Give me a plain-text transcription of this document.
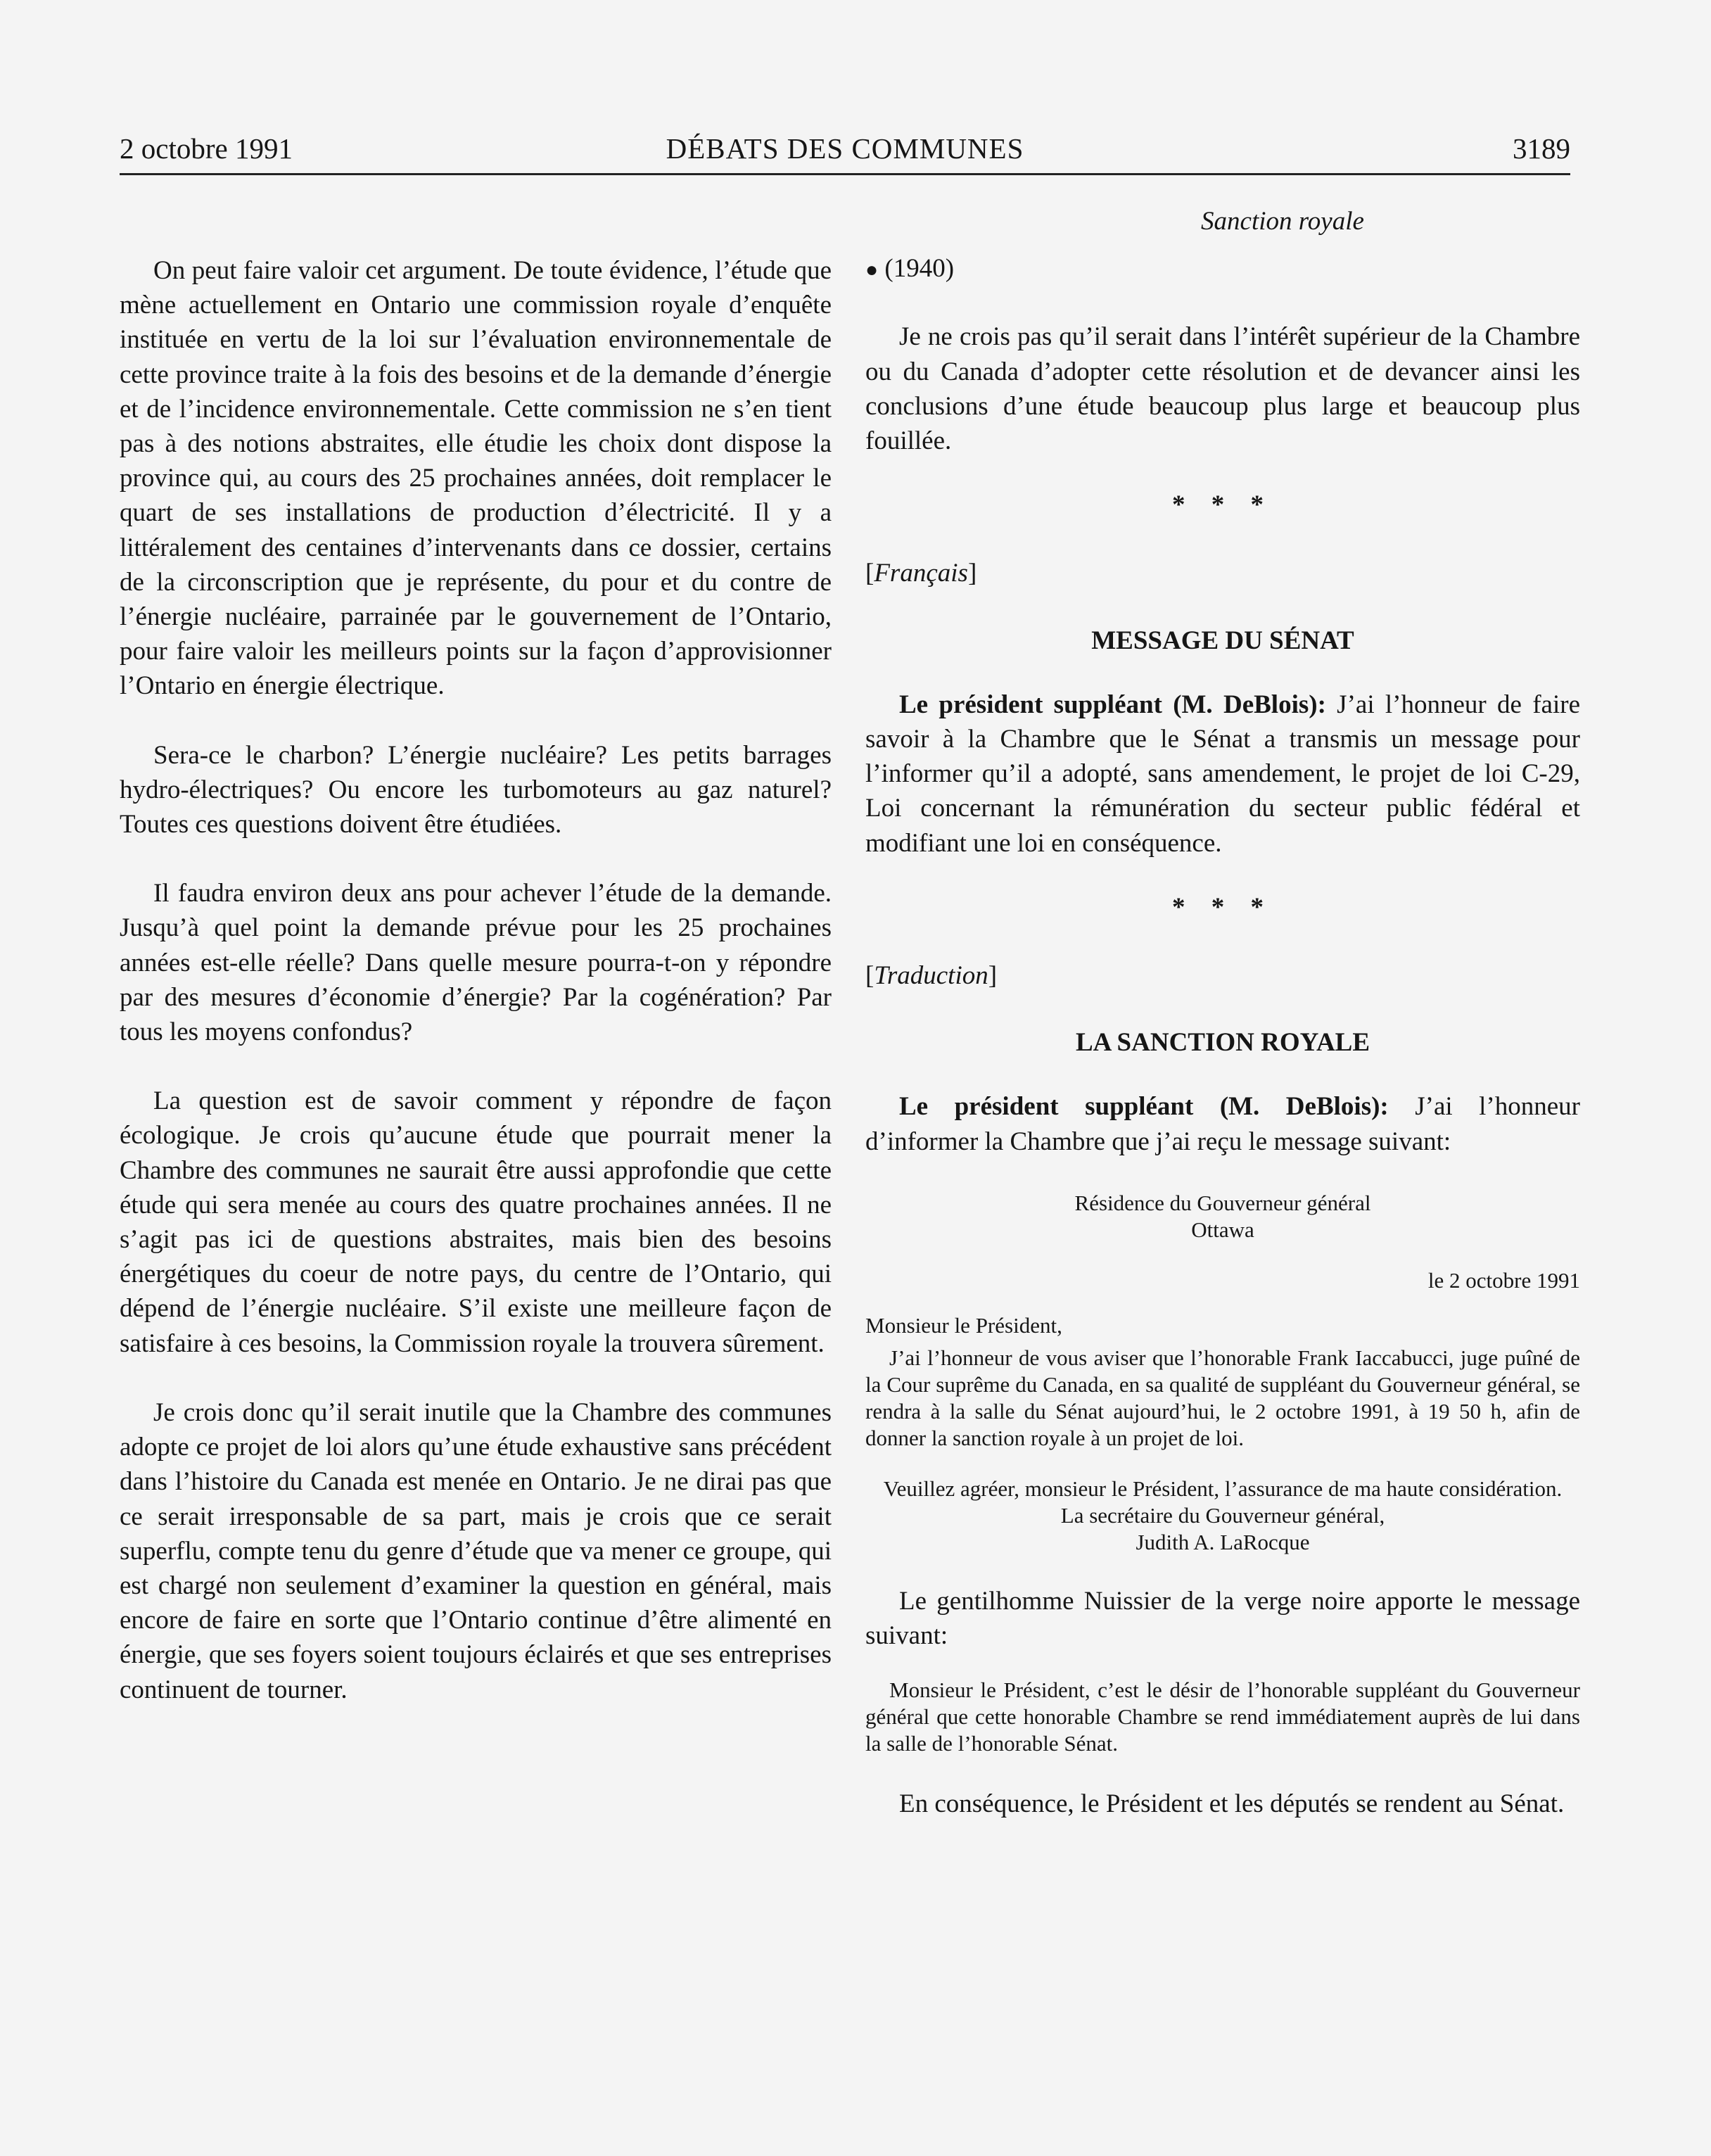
2 octobre 1991	DÉBATS DES COMMUNES	3189

On peut faire valoir cet argument. De toute évidence, l’étude que mène actuellement en Ontario une commission royale d’enquête instituée en vertu de la loi sur l’évaluation environnementale de cette province traite à la fois des besoins et de la demande d’énergie et de l’incidence environnementale. Cette commission ne s’en tient pas à des notions abstraites, elle étudie les choix dont dispose la province qui, au cours des 25 prochaines années, doit remplacer le quart de ses installations de production d’électricité. Il y a littéralement des centaines d’intervenants dans ce dossier, certains de la circonscription que je représente, du pour et du contre de l’énergie nucléaire, parrainée par le gouvernement de l’Ontario, pour faire valoir les meilleurs points sur la façon d’approvisionner l’Ontario en énergie électrique.

Sera-ce le charbon? L’énergie nucléaire? Les petits barrages hydro-électriques? Ou encore les turbomoteurs au gaz naturel? Toutes ces questions doivent être étudiées.

Il faudra environ deux ans pour achever l’étude de la demande. Jusqu’à quel point la demande prévue pour les 25 prochaines années est-elle réelle? Dans quelle mesure pourra-t-on y répondre par des mesures d’économie d’énergie? Par la cogénération? Par tous les moyens confondus?

La question est de savoir comment y répondre de façon écologique. Je crois qu’aucune étude que pourrait mener la Chambre des communes ne saurait être aussi approfondie que cette étude qui sera menée au cours des quatre prochaines années. Il ne s’agit pas ici de questions abstraites, mais bien des besoins énergétiques du coeur de notre pays, du centre de l’Ontario, qui dépend de l’énergie nucléaire. S’il existe une meilleure façon de satisfaire à ces besoins, la Commission royale la trouvera sûrement.

Je crois donc qu’il serait inutile que la Chambre des communes adopte ce projet de loi alors qu’une étude exhaustive sans précédent dans l’histoire du Canada est menée en Ontario. Je ne dirai pas que ce serait irresponsable de sa part, mais je crois que ce serait superflu, compte tenu du genre d’étude que va mener ce groupe, qui est chargé non seulement d’examiner la question en général, mais encore de faire en sorte que l’Ontario continue d’être alimenté en énergie, que ses foyers soient toujours éclairés et que ses entreprises continuent de tourner.

Sanction royale

● (1940)

Je ne crois pas qu’il serait dans l’intérêt supérieur de la Chambre ou du Canada d’adopter cette résolution et de devancer ainsi les conclusions d’une étude beaucoup plus large et beaucoup plus fouillée.

* * *

[Français]

MESSAGE DU SÉNAT

Le président suppléant (M. DeBlois): J’ai l’honneur de faire savoir à la Chambre que le Sénat a transmis un message pour l’informer qu’il a adopté, sans amendement, le projet de loi C-29, Loi concernant la rémunération du secteur public fédéral et modifiant une loi en conséquence.

* * *

[Traduction]

LA SANCTION ROYALE

Le président suppléant (M. DeBlois): J’ai l’honneur d’informer la Chambre que j’ai reçu le message suivant:

Résidence du Gouverneur général
Ottawa

le 2 octobre 1991

Monsieur le Président,

J’ai l’honneur de vous aviser que l’honorable Frank Iaccabucci, juge puîné de la Cour suprême du Canada, en sa qualité de suppléant du Gouverneur général, se rendra à la salle du Sénat aujourd’hui, le 2 octobre 1991, à 19 50 h, afin de donner la sanction royale à un projet de loi.

Veuillez agréer, monsieur le Président, l’assurance de ma haute considération.
La secrétaire du Gouverneur général,
Judith A. LaRocque

Le gentilhomme Nuissier de la verge noire apporte le message suivant:

Monsieur le Président, c’est le désir de l’honorable suppléant du Gouverneur général que cette honorable Chambre se rend immédiatement auprès de lui dans la salle de l’honorable Sénat.

En conséquence, le Président et les députés se rendent au Sénat.
